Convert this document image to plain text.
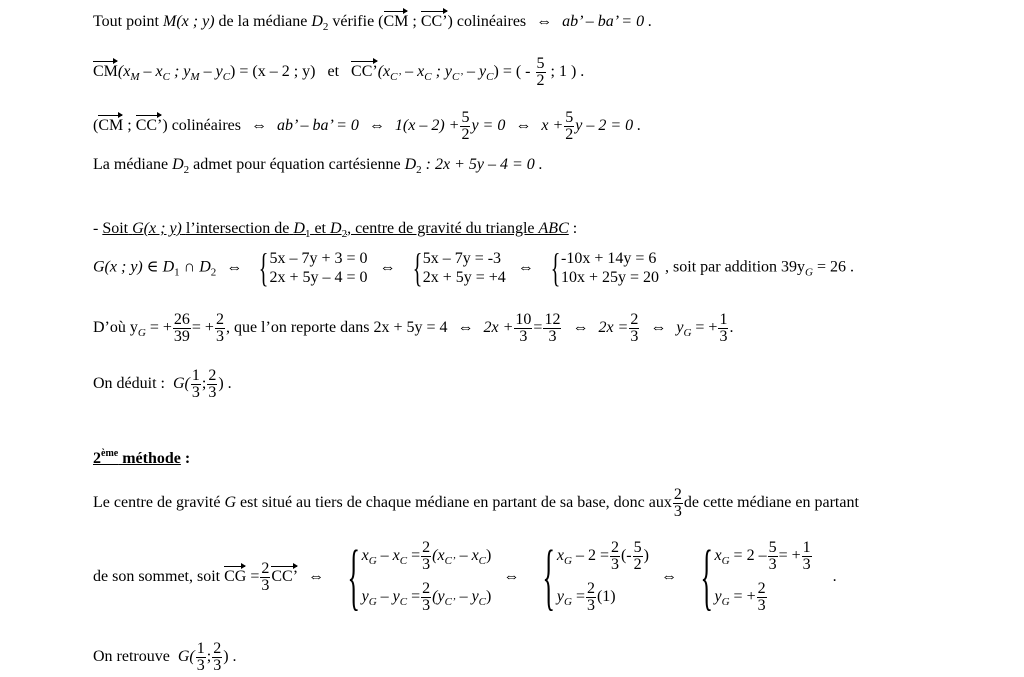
Tout point M(x ; y) de la médiane $D_2$ vérifie (CM ; CC’) colinéaires ⇔ ab’ – ba’ = 0 .
$CM(x_M - x_C$ ; $y_M - y_C) = (x - 2$ ; y) et $CC’(x_{C’} - x_C$ ; $y_{C’} - y_C$) = ( - $\frac{5}{2}$ ; 1 ) .
(CM ; CC’) colinéaires ⇔ ab’ – ba’ = 0 ⇔ $1(x - 2) + \frac{5}{2}$ y = 0 ⇔ $x + \frac{5}{2}$ y – 2 = 0 .
La médiane $D_2$ admet pour équation cartésienne $D_2$ : 2x + 5y – 4 = 0 .
- Soit G(x ; y) l’intersection de $D_1$ et $D_2$, centre de gravité du triangle ABC :
G(x ; y) ∈ $D_1$ ∩ $D_2$ ⇔ { 5x – 7y + 3 = 0
2x + 5y – 4 = 0
⇔ { 5x – 7y = -3
2x + 5y = +4
⇔ { -10x + 14y = 6
10x + 25y = 20
, soit par addition $39y_G = 26$ .
D’où $y_G$ = + $\frac{26}{39}$ = + $\frac{2}{3}$ , que l’on reporte dans 2x + 5y = 4 ⇔ $2x + \frac{10}{3} = \frac{12}{3}$ ⇔ $2x = \frac{2}{3}$ ⇔ $y_G$ = + $\frac{1}{3}$ .
On déduit : $G( \frac{1}{3}$ ; $\frac{2}{3}$ ) .
2ème méthode :
Le centre de gravité G est situé au tiers de chaque médiane en partant de sa base, donc aux $\frac{2}{3}$ de cette médiane en partant
de son sommet, soit CG = $\frac{2}{3}$ CC’ ⇔ { $x_G - x_C = \frac{2}{3} (x_{C’} - x_C)$
$y_G - y_C = \frac{2}{3} (y_{C’} - y_C)$
⇔ { $x_G - 2 = \frac{2}{3}$ (- $\frac{5}{2}$ )
$y_G = \frac{2}{3} (1)$
⇔ { $x_G = 2 - \frac{5}{3}$ = + $\frac{1}{3}$
$y_G$ = + $\frac{2}{3}$
.
On retrouve $G( \frac{1}{3}$ ; $\frac{2}{3}$ ) .
